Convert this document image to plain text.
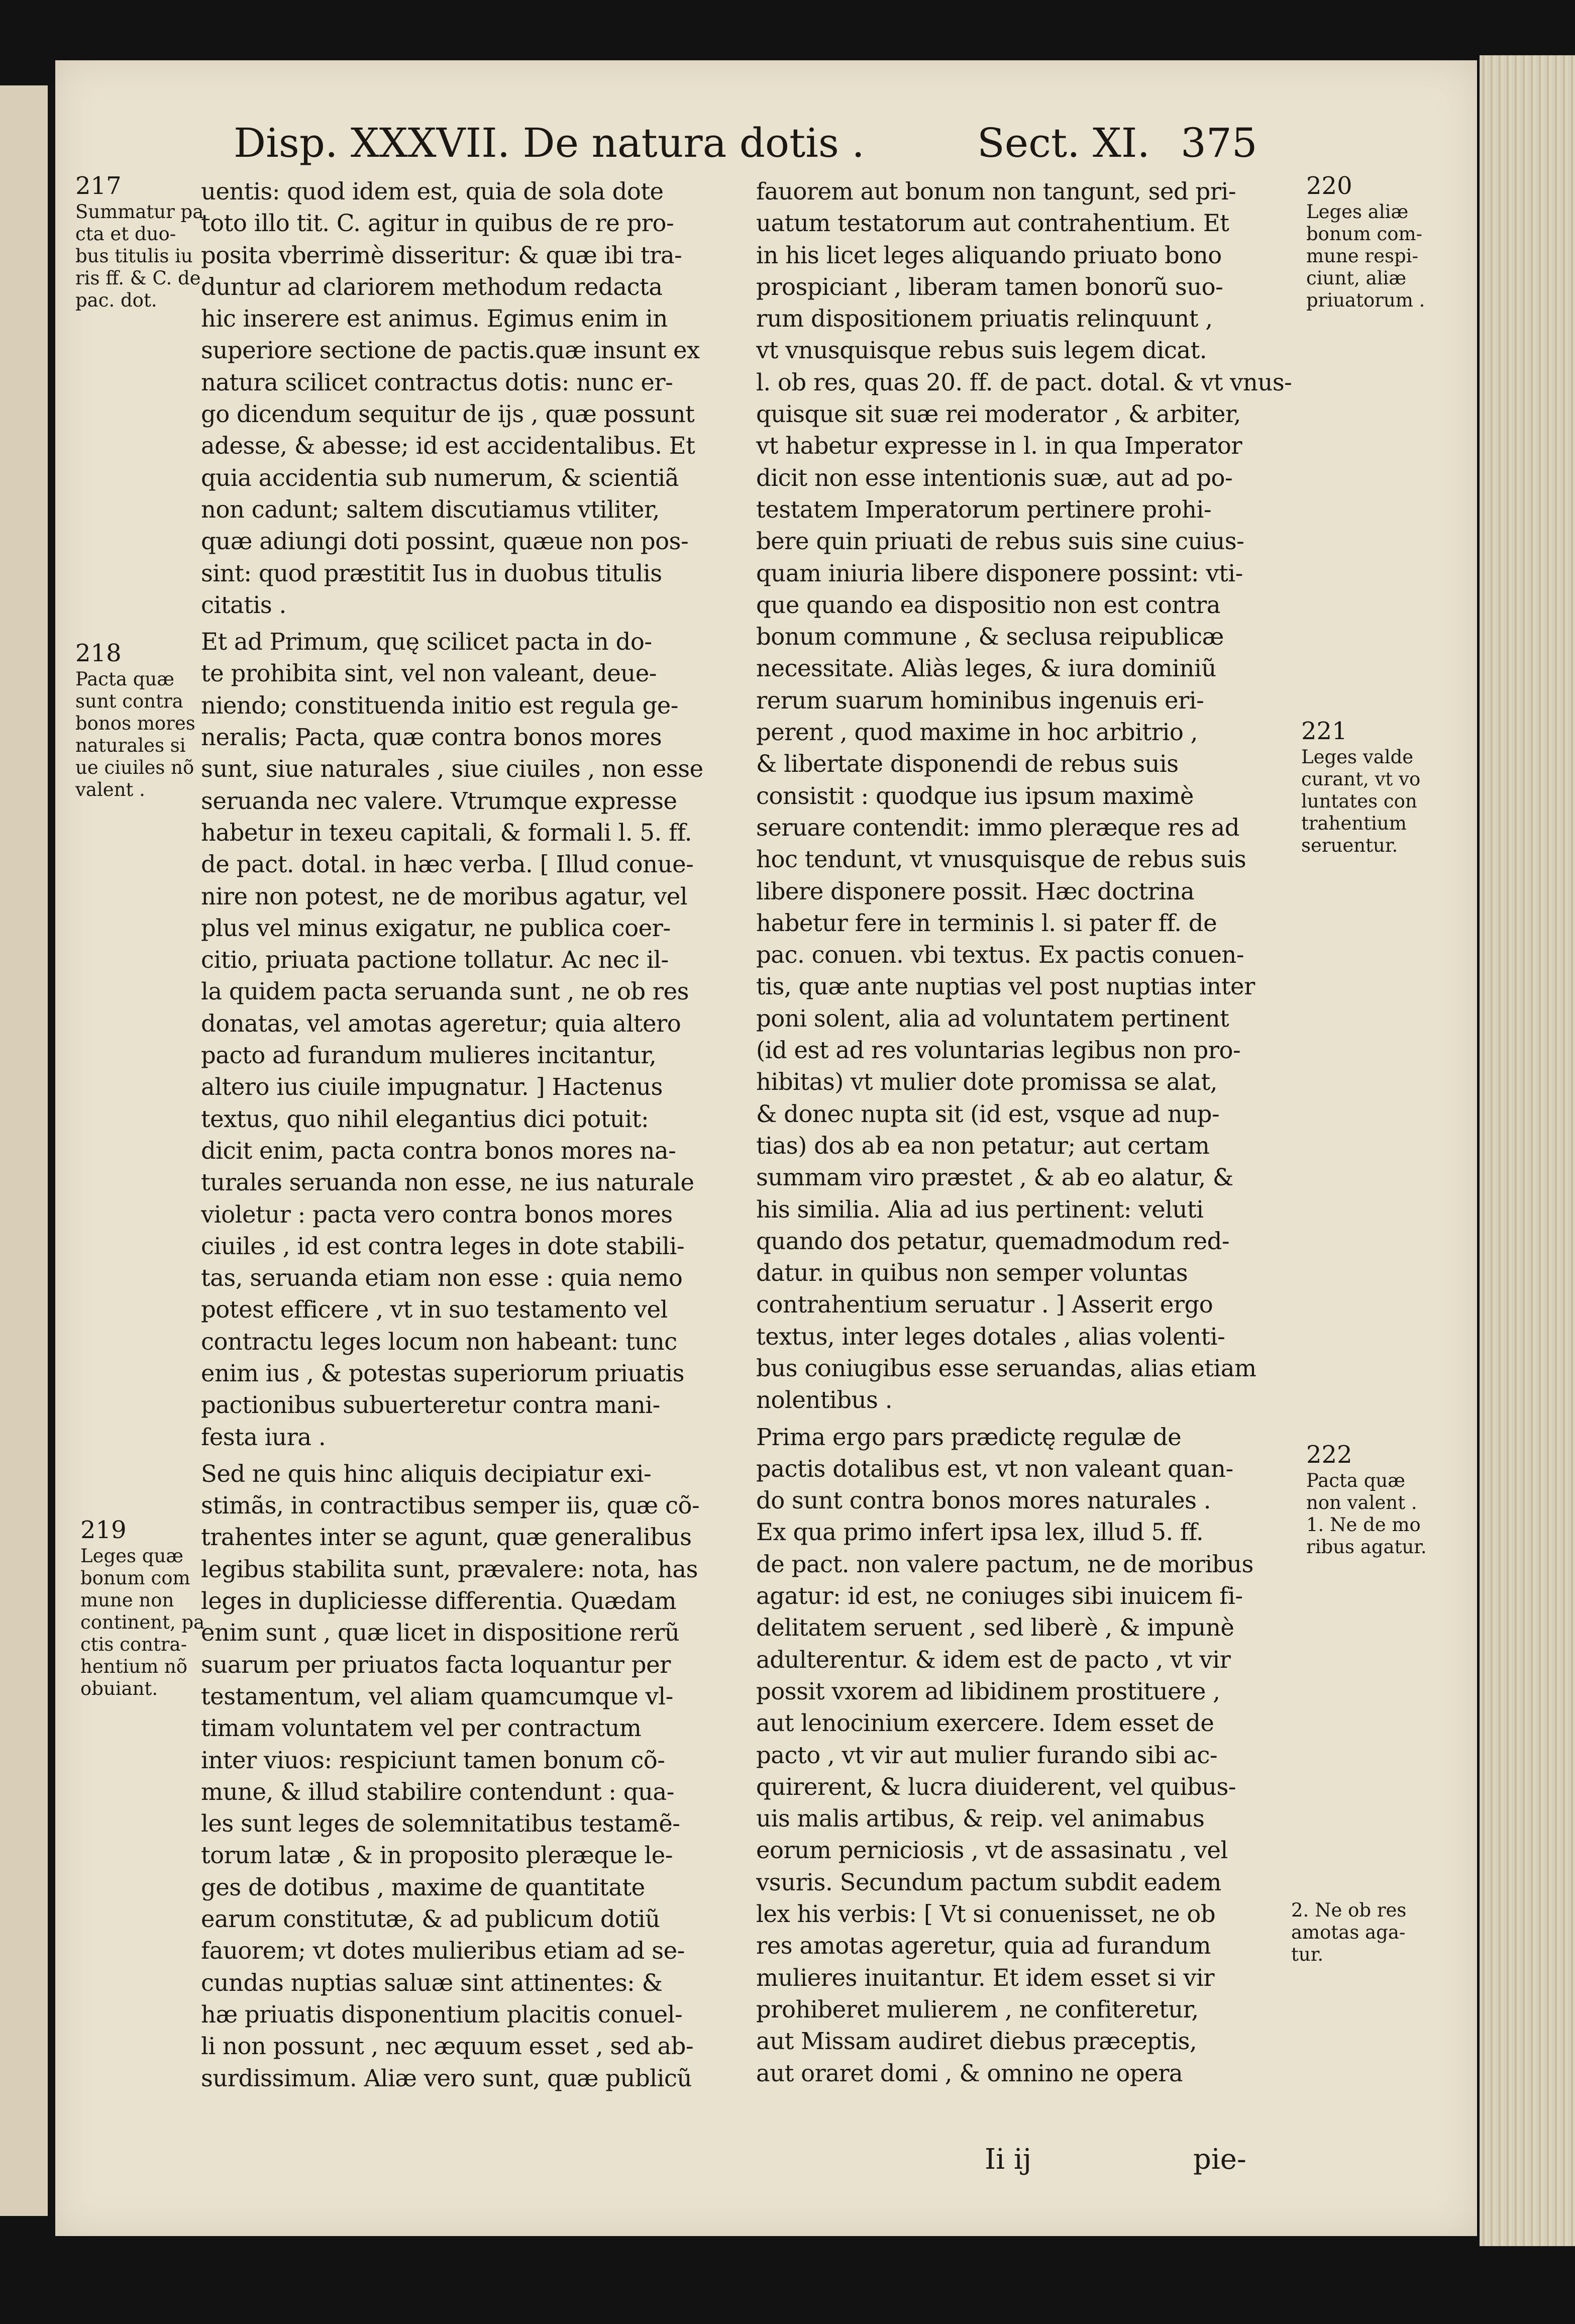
Disp. XXXVII. De natura dotis .	Sect. XI. 375
uentis: quod idem est, quia de sola dote
toto illo tit. C. agitur in quibus de re pro-
posita vberrimè disseritur: & quæ ibi tra-
duntur ad clariorem methodum redacta
hic inserere est animus. Egimus enim in
superiore sectione de pactis.quæ insunt ex
natura scilicet contractus dotis: nunc er-
go dicendum sequitur de ijs , quæ possunt
adesse, & abesse; id est accidentalibus. Et
quia accidentia sub numerum, & scientiã
non cadunt; saltem discutiamus vtiliter,
quæ adiungi doti possint, quæue non pos-
sint: quod præstitit Ius in duobus titulis
citatis .
Et ad Primum, quę scilicet pacta in do-
te prohibita sint, vel non valeant, deue-
niendo; constituenda initio est regula ge-
neralis; Pacta, quæ contra bonos mores
sunt, siue naturales , siue ciuiles , non esse
seruanda nec valere. Vtrumque expresse
habetur in texeu capitali, & formali l. 5. ff.
de pact. dotal. in hæc verba. [ Illud conue-
nire non potest, ne de moribus agatur, vel
plus vel minus exigatur, ne publica coer-
citio, priuata pactione tollatur. Ac nec il-
la quidem pacta seruanda sunt , ne ob res
donatas, vel amotas ageretur; quia altero
pacto ad furandum mulieres incitantur,
altero ius ciuile impugnatur. ] Hactenus
textus, quo nihil elegantius dici potuit:
dicit enim, pacta contra bonos mores na-
turales seruanda non esse, ne ius naturale
violetur : pacta vero contra bonos mores
ciuiles , id est contra leges in dote stabili-
tas, seruanda etiam non esse : quia nemo
potest efficere , vt in suo testamento vel
contractu leges locum non habeant: tunc
enim ius , & potestas superiorum priuatis
pactionibus subuerteretur contra mani-
festa iura .
Sed ne quis hinc aliquis decipiatur exi-
stimãs, in contractibus semper iis, quæ cõ-
trahentes inter se agunt, quæ generalibus
legibus stabilita sunt, prævalere: nota, has
leges in dupliciesse differentia. Quædam
enim sunt , quæ licet in dispositione rerũ
suarum per priuatos facta loquantur per
testamentum, vel aliam quamcumque vl-
timam voluntatem vel per contractum
inter viuos: respiciunt tamen bonum cõ-
mune, & illud stabilire contendunt : qua-
les sunt leges de solemnitatibus testamẽ-
torum latæ , & in proposito pleræque le-
ges de dotibus , maxime de quantitate
earum constitutæ, & ad publicum dotiũ
fauorem; vt dotes mulieribus etiam ad se-
cundas nuptias saluæ sint attinentes: &
hæ priuatis disponentium placitis conuel-
li non possunt , nec æquum esset , sed ab-
surdissimum. Aliæ vero sunt, quæ publicũ
fauorem aut bonum non tangunt, sed pri-
uatum testatorum aut contrahentium. Et
in his licet leges aliquando priuato bono
prospiciant , liberam tamen bonorũ suo-
rum dispositionem priuatis relinquunt ,
vt vnusquisque rebus suis legem dicat.
l. ob res, quas 20. ff. de pact. dotal. & vt vnus-
quisque sit suæ rei moderator , & arbiter,
vt habetur expresse in l. in qua Imperator
dicit non esse intentionis suæ, aut ad po-
testatem Imperatorum pertinere prohi-
bere quin priuati de rebus suis sine cuius-
quam iniuria libere disponere possint: vti-
que quando ea dispositio non est contra
bonum commune , & seclusa reipublicæ
necessitate. Aliàs leges, & iura dominiũ
rerum suarum hominibus ingenuis eri-
perent , quod maxime in hoc arbitrio ,
& libertate disponendi de rebus suis
consistit : quodque ius ipsum maximè
seruare contendit: immo pleræque res ad
hoc tendunt, vt vnusquisque de rebus suis
libere disponere possit. Hæc doctrina
habetur fere in terminis l. si pater ff. de
pac. conuen. vbi textus. Ex pactis conuen-
tis, quæ ante nuptias vel post nuptias inter
poni solent, alia ad voluntatem pertinent
(id est ad res voluntarias legibus non pro-
hibitas) vt mulier dote promissa se alat,
& donec nupta sit (id est, vsque ad nup-
tias) dos ab ea non petatur; aut certam
summam viro præstet , & ab eo alatur, &
his similia. Alia ad ius pertinent: veluti
quando dos petatur, quemadmodum red-
datur. in quibus non semper voluntas
contrahentium seruatur . ] Asserit ergo
textus, inter leges dotales , alias volenti-
bus coniugibus esse seruandas, alias etiam
nolentibus .
Prima ergo pars prædictę regulæ de
pactis dotalibus est, vt non valeant quan-
do sunt contra bonos mores naturales .
Ex qua primo infert ipsa lex, illud 5. ff.
de pact. non valere pactum, ne de moribus
agatur: id est, ne coniuges sibi inuicem fi-
delitatem seruent , sed liberè , & impunè
adulterentur. & idem est de pacto , vt vir
possit vxorem ad libidinem prostituere ,
aut lenocinium exercere. Idem esset de
pacto , vt vir aut mulier furando sibi ac-
quirerent, & lucra diuiderent, vel quibus-
uis malis artibus, & reip. vel animabus
eorum perniciosis , vt de assasinatu , vel
vsuris. Secundum pactum subdit eadem
lex his verbis: [ Vt si conuenisset, ne ob
res amotas ageretur, quia ad furandum
mulieres inuitantur. Et idem esset si vir
prohiberet mulierem , ne confiteretur,
aut Missam audiret diebus præceptis,
aut oraret domi , & omnino ne opera
217
Summatur pa
cta et duo-
bus titulis iu
ris ff. & C. de
pac. dot.
218
Pacta quæ
sunt contra
bonos mores
naturales si
ue ciuiles nõ
valent .
219
Leges quæ
bonum com
mune non
continent, pa
ctis contra-
hentium nõ
obuiant.
220
Leges aliæ
bonum com-
mune respi-
ciunt, aliæ
priuatorum .
221
Leges valde
curant, vt vo
luntates con
trahentium
seruentur.
222
Pacta quæ
non valent .
1. Ne de mo
ribus agatur.
2. Ne ob res
amotas aga-
tur.
Ii ij	pie-
